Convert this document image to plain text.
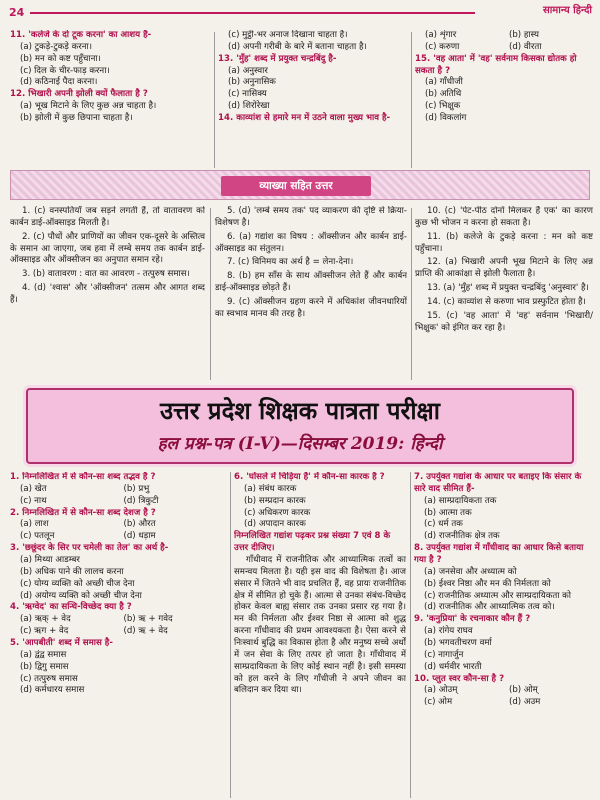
24	सामान्य हिन्दी
11. 'कलेजे के दो टूक करना' का आशय है-
(a) टुकड़े-टुकड़े करना।
(b) मन को कष्ट पहुँचाना।
(c) दिल के चीर-फाड़ करना।
(d) कठिनाई पैदा करना।
12. भिखारी अपनी झोली क्यों फैलाता है ?
(a) भूख मिटाने के लिए कुछ अन्न चाहता है।
(b) झोली में कुछ छिपाना चाहता है।
(c) मुट्ठी-भर अनाज दिखाना चाहता है।
(d) अपनी गरीबी के बारे में बताना चाहता है।
13. 'मुँह' शब्द में प्रयुक्त चन्द्रबिंदु है-
(a) अनुस्वार
(b) अनुनासिक
(c) नासिक्य
(d) शिरोरेखा
14. काव्यांश से हमारे मन में उठने वाला मुख्य भाव है-
(a) शृंगार	(b) हास्य
(c) करुणा	(d) वीरता
15. 'वह आता' में 'वह' सर्वनाम किसका द्योतक हो सकता है ?
(a) गाँधीजी
(b) अतिथि
(c) भिक्षुक
(d) विकलांग
व्याख्या सहित उत्तर

1. (c) वनस्पतियाँ जब सड़ने लगती हैं, तो वातावरण को कार्बन डाई-ऑक्साइड मिलती है।

2. (c) पौधों और प्राणियों का जीवन एक-दूसरे के अस्तित्व के समान आ जाएगा, जब हवा में लम्बे समय तक कार्बन डाई-ऑक्साइड और ऑक्सीजन का अनुपात समान रहे।

3. (b) वातावरण : वात का आवरण - तत्पुरुष समास।

4. (d) 'श्वास' और 'ऑक्सीजन' तत्सम और आगत शब्द हैं।

5. (d) 'लम्बे समय तक' पद व्याकरण की दृष्टि से क्रिया-विशेषण है।

6. (a) गद्यांश का विषय : ऑक्सीजन और कार्बन डाई-ऑक्साइड का संतुलन।

7. (c) विनिमय का अर्थ है = लेना-देना।

8. (b) हम साँस के साथ ऑक्सीजन लेते हैं और कार्बन डाई-ऑक्साइड छोड़ते हैं।

9. (c) ऑक्सीजन ग्रहण करने में अधिकांश जीवनधारियों का स्वभाव मानव की तरह है।

10. (c) 'पेट-पीठ दोनों मिलकर हैं एक' का कारण कुछ भी भोजन न करना हो सकता है।

11. (b) कलेजे के टुकड़े करना : मन को कष्ट पहुँचाना।

12. (a) भिखारी अपनी भूख मिटाने के लिए अन्न प्राप्ति की आकांक्षा से झोली फैलाता है।

13. (a) 'मुँह' शब्द में प्रयुक्त चन्द्रबिंदु 'अनुस्वार' है।

14. (c) काव्यांश से करुणा भाव प्रस्फुटित होता है।

15. (c) 'वह आता' में 'वह' सर्वनाम 'भिखारी/भिक्षुक' को इंगित कर रहा है।

उत्तर प्रदेश शिक्षक पात्रता परीक्षा
हल प्रश्न-पत्र (I-V)—दिसम्बर 2019: हिन्दी
1. निम्नलिखित में से कौन-सा शब्द तद्भव है ?
(a) खेत	(b) प्रभु
(c) नाथ	(d) त्रिकुटी
2. निम्नलिखित में से कौन-सा शब्द देशज है ?
(a) लाश	(b) औरत
(c) पतलून	(d) धड़ाम
3. 'छछूंदर के सिर पर चमेली का तेल' का अर्थ है-
(a) मिथ्या आडम्बर
(b) अधिक पाने की लालच करना
(c) योग्य व्यक्ति को अच्छी चीज देना
(d) अयोग्य व्यक्ति को अच्छी चीज देना
4. 'ऋग्वेद' का सन्धि-विच्छेद क्या है ?
(a) ऋक् + वेद	(b) ऋ + गवेद
(c) ऋग + वेद	(d) ऋ + वेद
5. 'आपबीती' शब्द में समास है-
(a) द्वंद्व समास
(b) द्विगु समास
(c) तत्पुरुष समास
(d) कर्मधारय समास
6. 'घोंसले में चिड़िया है' में कौन-सा कारक है ?
(a) संबंध कारक
(b) सम्प्रदान कारक
(c) अधिकरण कारक
(d) अपादान कारक
निम्नलिखित गद्यांश पढ़कर प्रश्न संख्या 7 एवं 8 के उत्तर दीजिए।
गाँधीवाद में राजनीतिक और आध्यात्मिक तत्वों का समन्वय मिलता है। यही इस वाद की विशेषता है। आज संसार में जितने भी वाद प्रचलित हैं, वह प्रायः राजनीतिक क्षेत्र में सीमित हो चुके हैं। आत्मा से उनका संबंध-विच्छेद होकर केवल बाह्य संसार तक उनका प्रसार रह गया है। मन की निर्मलता और ईश्वर निष्ठा से आत्मा को शुद्ध करना गाँधीवाद की प्रथम आवश्यकता है। ऐसा करने से निःस्वार्थ बुद्धि का विकास होता है और मनुष्य सच्चे अर्थों में जन सेवा के लिए तत्पर हो जाता है। गाँधीवाद में साम्प्रदायिकता के लिए कोई स्थान नहीं है। इसी समस्या को हल करने के लिए गाँधीजी ने अपने जीवन का बलिदान कर दिया था।
7. उपर्युक्त गद्यांश के आधार पर बताइए कि संसार के सारे वाद सीमित हैं-
(a) साम्प्रदायिकता तक
(b) आत्मा तक
(c) धर्म तक
(d) राजनीतिक क्षेत्र तक
8. उपर्युक्त गद्यांश में गाँधीवाद का आधार किसे बताया गया है ?
(a) जनसेवा और अध्यात्म को
(b) ईश्वर निष्ठा और मन की निर्मलता को
(c) राजनीतिक अध्यात्म और साम्प्रदायिकता को
(d) राजनीतिक और आध्यात्मिक तत्व को।
9. 'कनुप्रिया' के रचनाकार कौन हैं ?
(a) रांगेय राघव
(b) भगवतीचरण वर्मा
(c) नागार्जुन
(d) धर्मवीर भारती
10. प्लुत स्वर कौन-सा है ?
(a) ओउम्	(b) ओम्
(c) ओम	(d) अउम
